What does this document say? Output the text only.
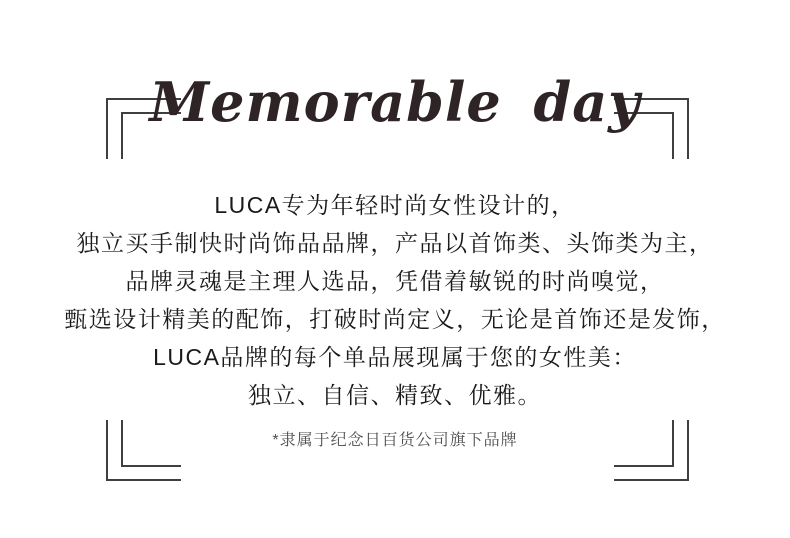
Memorable day

LUCA专为年轻时尚女性设计的，

独立买手制快时尚饰品品牌，产品以首饰类、头饰类为主，

品牌灵魂是主理人选品，凭借着敏锐的时尚嗅觉，

甄选设计精美的配饰，打破时尚定义，无论是首饰还是发饰，

LUCA品牌的每个单品展现属于您的女性美：

独立、自信、精致、优雅。

*隶属于纪念日百货公司旗下品牌
